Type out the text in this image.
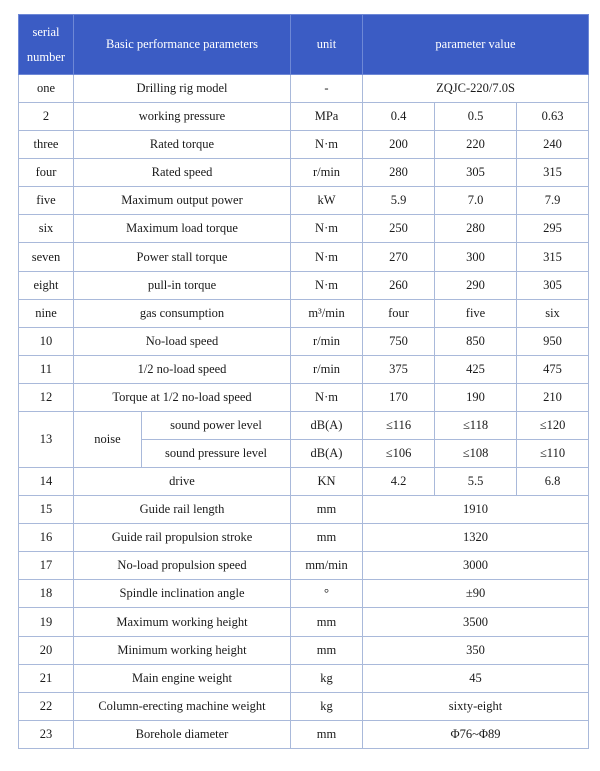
serial number	Basic performance parameters		unit	parameter value		
one	Drilling rig model		-	ZQJC-220/7.0S		
2	working pressure		MPa	0.4	0.5	0.63
three	Rated torque		N·m	200	220	240
four	Rated speed		r/min	280	305	315
five	Maximum output power		kW	5.9	7.0	7.9
six	Maximum load torque		N·m	250	280	295
seven	Power stall torque		N·m	270	300	315
eight	pull-in torque		N·m	260	290	305
nine	gas consumption		m³/min	four	five	six
10	No-load speed		r/min	750	850	950
11	1/2 no-load speed		r/min	375	425	475
12	Torque at 1/2 no-load speed		N·m	170	190	210
13	noise	sound power level	dB(A)	≤116	≤118	≤120
		sound pressure level	dB(A)	≤106	≤108	≤110
14	drive		KN	4.2	5.5	6.8
15	Guide rail length		mm	1910		
16	Guide rail propulsion stroke		mm	1320		
17	No-load propulsion speed		mm/min	3000		
18	Spindle inclination angle		°	±90		
19	Maximum working height		mm	3500		
20	Minimum working height		mm	350		
21	Main engine weight		kg	45		
22	Column-erecting machine weight		kg	sixty-eight		
23	Borehole diameter		mm	Φ76~Φ89		
